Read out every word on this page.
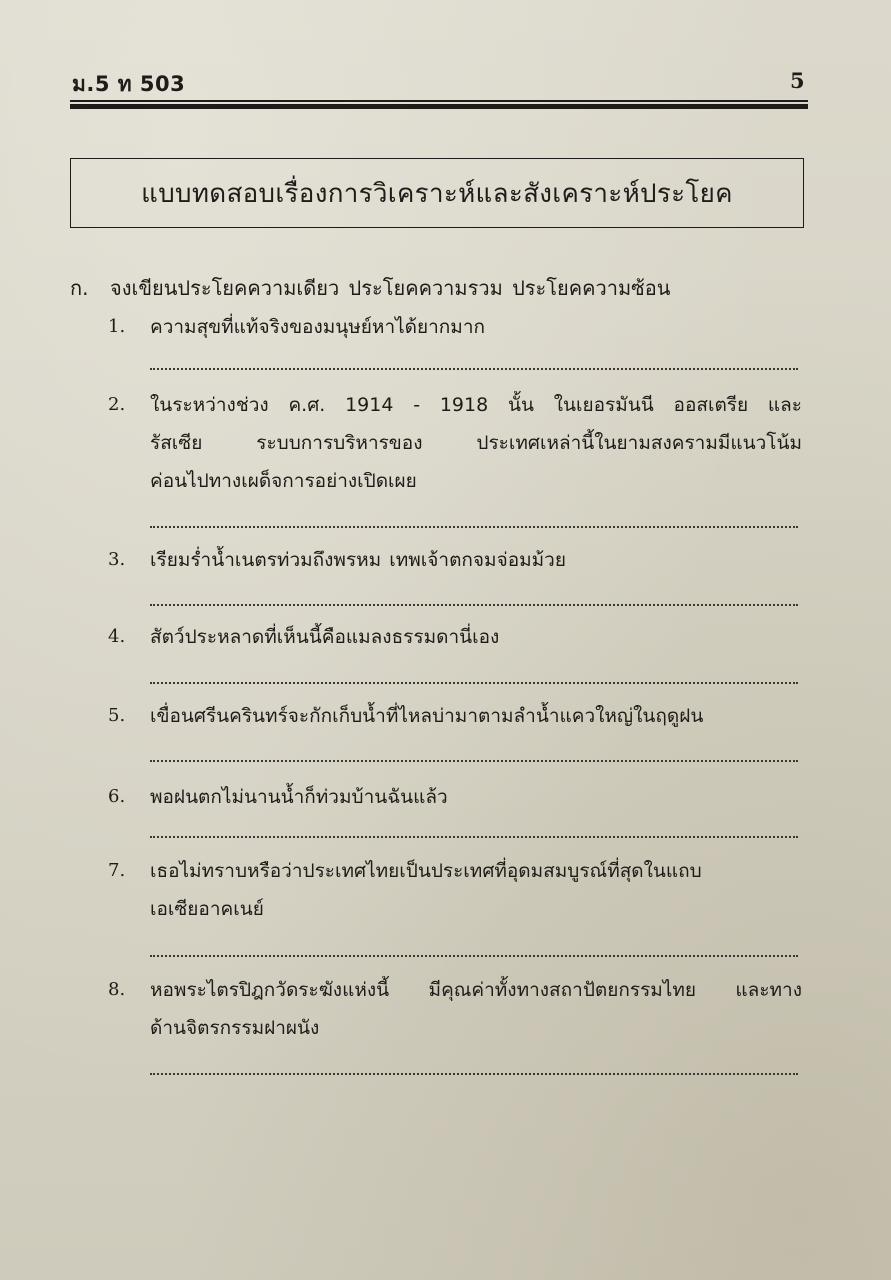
ม.5 ท 503	5
แบบทดสอบเรื่องการวิเคราะห์และสังเคราะห์ประโยค
ก. จงเขียนประโยคความเดียว ประโยคความรวม ประโยคความซ้อน
1. ความสุขที่แท้จริงของมนุษย์หาได้ยากมาก
2. ในระหว่างช่วง ค.ศ. 1914 - 1918 นั้น ในเยอรมันนี ออสเตรีย และ
รัสเซีย ระบบการบริหารของ ประเทศเหล่านี้ในยามสงครามมีแนวโน้ม
ค่อนไปทางเผด็จการอย่างเปิดเผย
3. เรียมร่ำน้ำเนตรท่วมถึงพรหม เทพเจ้าตกจมจ่อมม้วย
4. สัตว์ประหลาดที่เห็นนี้คือแมลงธรรมดานี่เอง
5. เขื่อนศรีนครินทร์จะกักเก็บน้ำที่ไหลบ่ามาตามลำน้ำแควใหญ่ในฤดูฝน
6. พอฝนตกไม่นานน้ำก็ท่วมบ้านฉันแล้ว
7. เธอไม่ทราบหรือว่าประเทศไทยเป็นประเทศที่อุดมสมบูรณ์ที่สุดในแถบ
เอเซียอาคเนย์
8. หอพระไตรปิฎกวัดระฆังแห่งนี้ มีคุณค่าทั้งทางสถาปัตยกรรมไทย และทาง
ด้านจิตรกรรมฝาผนัง
